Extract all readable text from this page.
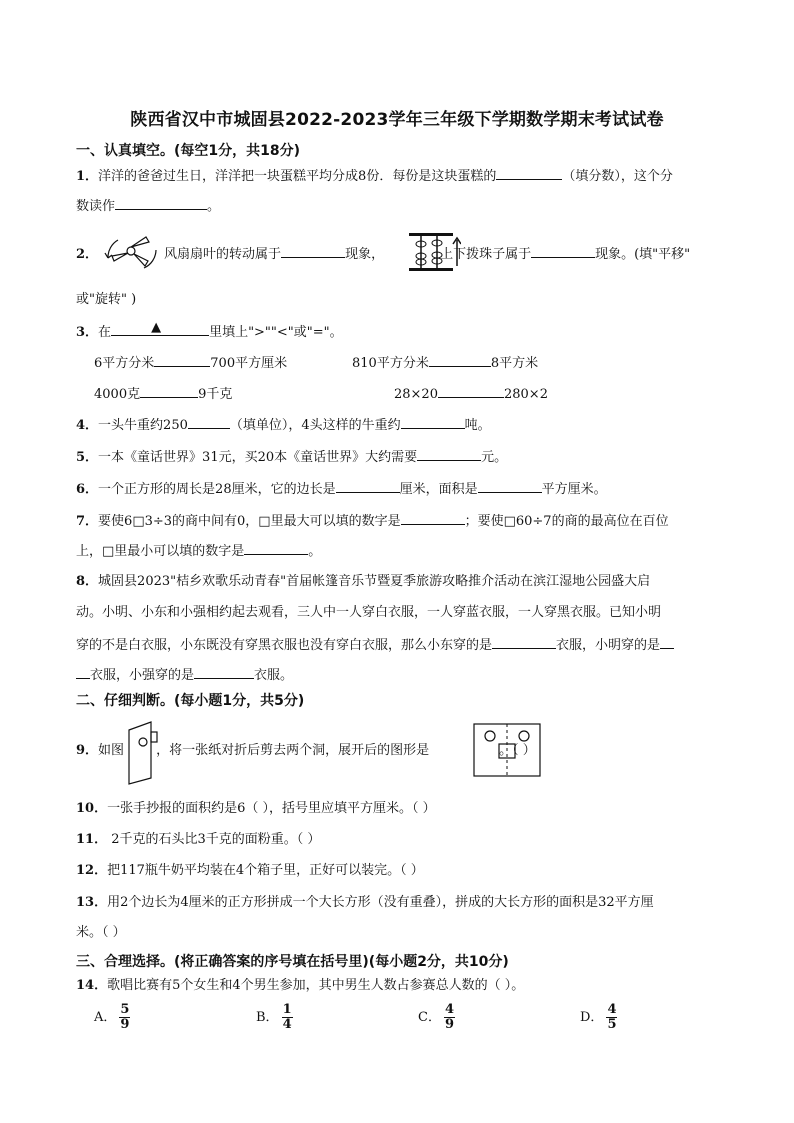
陕西省汉中市城固县2022-2023学年三年级下学期数学期末考试试卷
一、认真填空。(每空1分，共18分)
1．洋洋的爸爸过生日，洋洋把一块蛋糕平均分成8份．每份是这块蛋糕的	（填分数），这个分
数读作	。
2．	风扇扇叶的转动属于	现象，	上下拨珠子属于	现象。(填"平移"
或"旋转" )
3．在	▲	里填上">""<"或"="。
6平方分米	700平方厘米	810平方分米	8平方米
4000克	9千克	28×20	280×2
4．一头牛重约250	（填单位），4头这样的牛重约	吨。
5．一本《童话世界》31元，买20本《童话世界》大约需要	元。
6．一个正方形的周长是28厘米，它的边长是	厘米，面积是	平方厘米。
7．要使6□3÷3的商中间有0，□里最大可以填的数字是	；要使□60÷7的商的最高位在百位
上，□里最小可以填的数字是	。
8．城固县2023"桔乡欢歌乐动青春"首届帐篷音乐节暨夏季旅游攻略推介活动在滨江湿地公园盛大启
动。小明、小东和小强相约起去观看，三人中一人穿白衣服，一人穿蓝衣服，一人穿黑衣服。已知小明
穿的不是白衣服，小东既没有穿黑衣服也没有穿白衣服，那么小东穿的是	衣服，小明穿的是
衣服，小强穿的是	衣服。
二、仔细判断。(每小题1分，共5分)
9．如图 ，将一张纸对折后剪去两个洞，展开后的图形是	。（ ）
10．一张手抄报的面积约是6（ ），括号里应填平方厘米。（ ）
11． 2千克的石头比3千克的面粉重。（ ）
12．把117瓶牛奶平均装在4个箱子里，正好可以装完。（ ）
13．用2个边长为4厘米的正方形拼成一个大长方形（没有重叠），拼成的大长方形的面积是32平方厘
米。（ ）
三、合理选择。(将正确答案的序号填在括号里)(每小题2分，共10分)
14．歌唱比赛有5个女生和4个男生参加，其中男生人数占参赛总人数的（ ）。
A． $\frac{5}{9}$	B． $\frac{1}{4}$	C． $\frac{4}{9}$	D． $\frac{4}{5}$
